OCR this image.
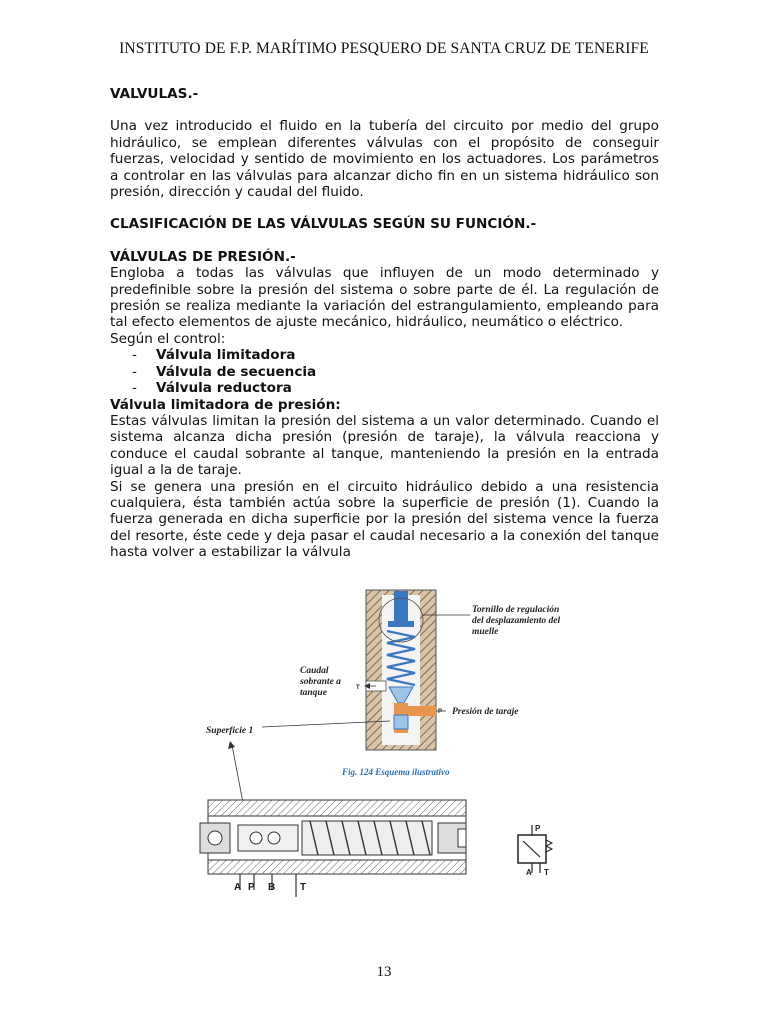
INSTITUTO DE F.P. MARÍTIMO PESQUERO DE SANTA CRUZ DE TENERIFE

VALVULAS.-

Una vez introducido el fluido en la tubería del circuito por medio del grupo hidráulico, se emplean diferentes válvulas con el propósito de conseguir fuerzas, velocidad y sentido de movimiento en los actuadores. Los parámetros a controlar en las válvulas para alcanzar dicho fin en un sistema hidráulico son presión, dirección y caudal del fluido.

CLASIFICACIÓN DE LAS VÁLVULAS SEGÚN SU FUNCIÓN.-

VÁLVULAS DE PRESIÓN.-

Engloba a todas las válvulas que influyen de un modo determinado y predefinible sobre la presión del sistema o sobre parte de él. La regulación de presión se realiza mediante la variación del estrangulamiento, empleando para tal efecto elementos de ajuste mecánico, hidráulico, neumático o eléctrico.

Según el control:

- Válvula limitadora
- Válvula de secuencia
- Válvula reductora

Válvula limitadora de presión:

Estas válvulas limitan la presión del sistema a un valor determinado. Cuando el sistema alcanza dicha presión (presión de taraje), la válvula reacciona y conduce el caudal sobrante al tanque, manteniendo la presión en la entrada igual a la de taraje.

Si se genera una presión en el circuito hidráulico debido a una resistencia cualquiera, ésta también actúa sobre la superficie de presión (1). Cuando la fuerza generada en dicha superficie por la presión del sistema vence la fuerza del resorte, éste cede y deja pasar el caudal necesario a la conexión del tanque hasta volver a estabilizar la válvula

Tornillo de regulación
del desplazamiento del
muelle
Caudal
sobrante a
tanque	T
P Presión de taraje
Superficie 1
Fig. 124 Esquema ilustrativo
A P B T
P
A T
13
